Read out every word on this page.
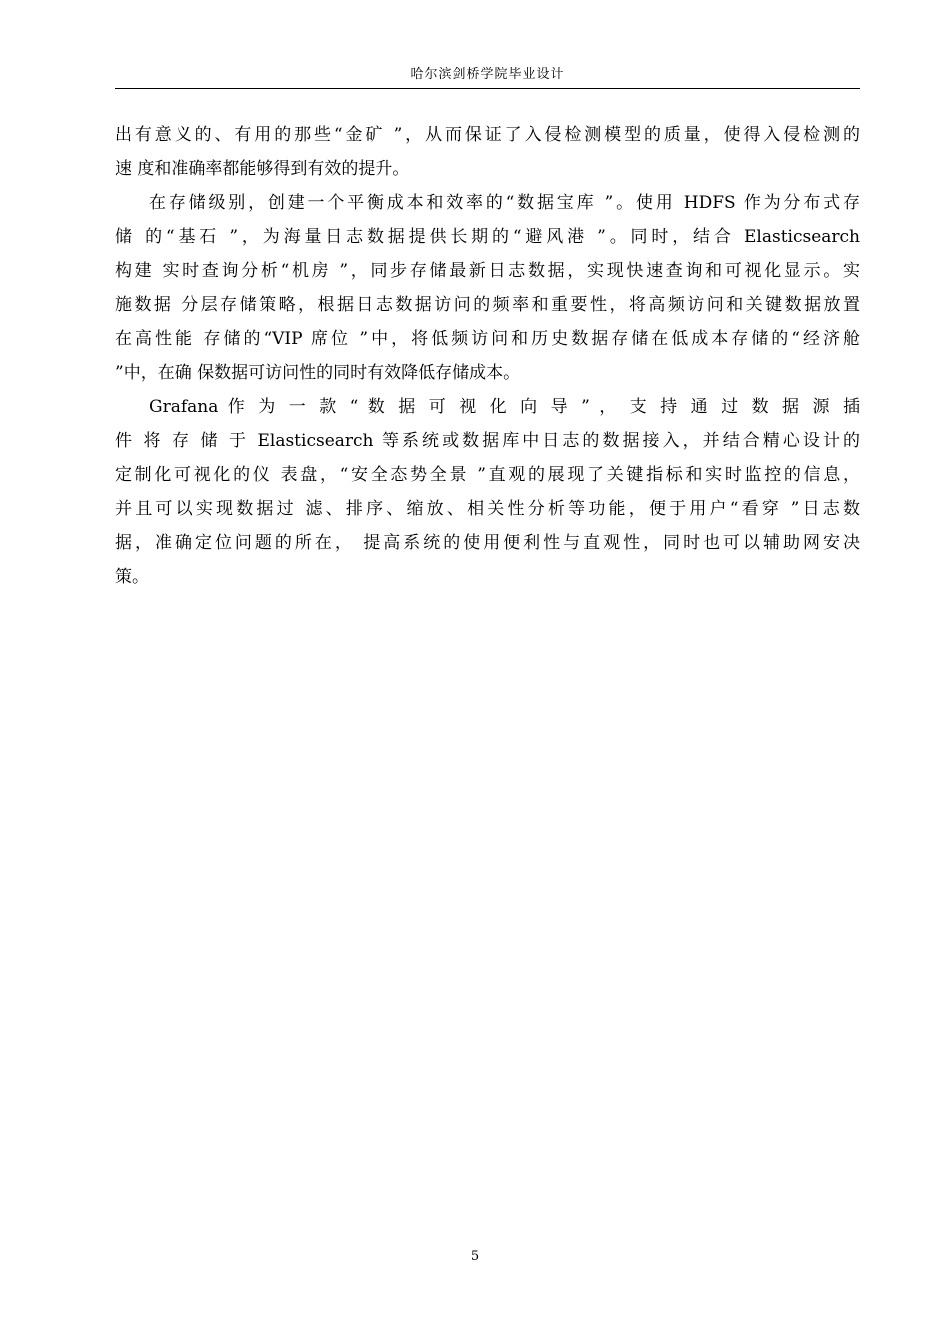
哈尔滨剑桥学院毕业设计
出有意义的、有用的那些“金矿 ”，从而保证了入侵检测模型的质量，使得入侵检测的
速 度和准确率都能够得到有效的提升。
在存储级别，创建一个平衡成本和效率的“数据宝库 ”。使用 HDFS 作为分布式存
储 的“基石 ”，为海量日志数据提供长期的“避风港 ”。同时，结合 Elasticsearch
构建 实时查询分析“机房 ”，同步存储最新日志数据，实现快速查询和可视化显示。实
施数据 分层存储策略，根据日志数据访问的频率和重要性，将高频访问和关键数据放置
在高性能 存储的“VIP 席位 ”中，将低频访问和历史数据存储在低成本存储的“经济舱
”中，在确 保数据可访问性的同时有效降低存储成本。
Grafana 作 为 一 款 “ 数 据 可 视 化 向 导 ” ， 支 持 通 过 数 据 源 插
件 将 存 储 于 Elasticsearch 等系统或数据库中日志的数据接入，并结合精心设计的
定制化可视化的仪 表盘，“安全态势全景 ”直观的展现了关键指标和实时监控的信息，
并且可以实现数据过 滤、排序、缩放、相关性分析等功能，便于用户“看穿 ”日志数
据，准确定位问题的所在， 提高系统的使用便利性与直观性，同时也可以辅助网安决
策。
5
